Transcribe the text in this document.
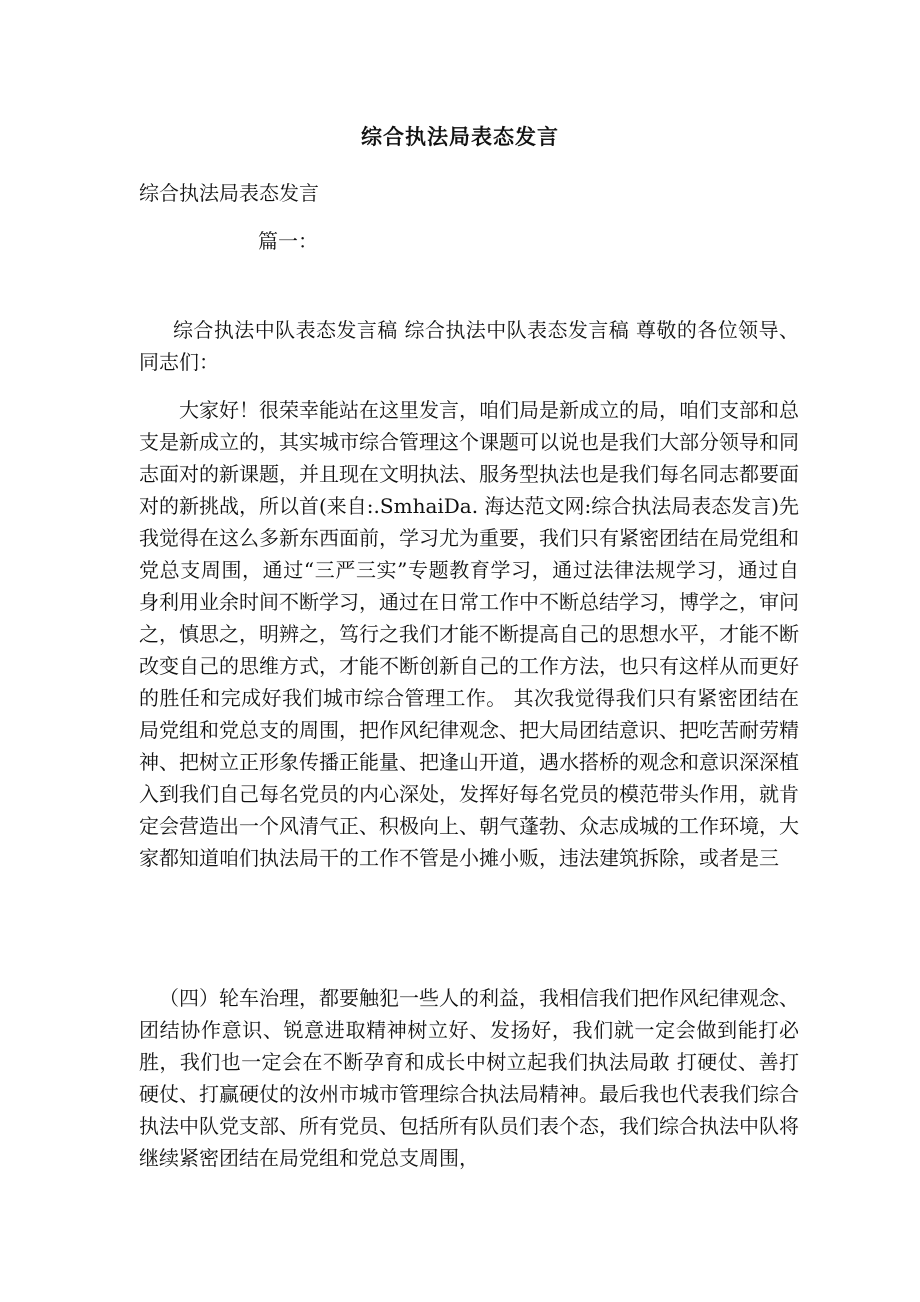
综合执法局表态发言
综合执法局表态发言
篇一：

综合执法中队表态发言稿 综合执法中队表态发言稿 尊敬的各位领导、同志们：

大家好！很荣幸能站在这里发言，咱们局是新成立的局，咱们支部和总支是新成立的，其实城市综合管理这个课题可以说也是我们大部分领导和同志面对的新课题，并且现在文明执法、服务型执法也是我们每名同志都要面对的新挑战，所以首(来自:.SmhaiDa. 海达范文网:综合执法局表态发言)先我觉得在这么多新东西面前，学习尤为重要，我们只有紧密团结在局党组和党总支周围，通过“三严三实”专题教育学习，通过法律法规学习，通过自身利用业余时间不断学习，通过在日常工作中不断总结学习，博学之，审问之，慎思之，明辨之，笃行之我们才能不断提高自己的思想水平，才能不断改变自己的思维方式，才能不断创新自己的工作方法，也只有这样从而更好的胜任和完成好我们城市综合管理工作。 其次我觉得我们只有紧密团结在局党组和党总支的周围，把作风纪律观念、把大局团结意识、把吃苦耐劳精神、把树立正形象传播正能量、把逢山开道，遇水搭桥的观念和意识深深植入到我们自己每名党员的内心深处，发挥好每名党员的模范带头作用，就肯定会营造出一个风清气正、积极向上、朝气蓬勃、众志成城的工作环境，大家都知道咱们执法局干的工作不管是小摊小贩，违法建筑拆除，或者是三

（四）轮车治理，都要触犯一些人的利益，我相信我们把作风纪律观念、团结协作意识、锐意进取精神树立好、发扬好，我们就一定会做到能打必胜，我们也一定会在不断孕育和成长中树立起我们执法局敢 打硬仗、善打硬仗、打赢硬仗的汝州市城市管理综合执法局精神。最后我也代表我们综合执法中队党支部、所有党员、包括所有队员们表个态，我们综合执法中队将继续紧密团结在局党组和党总支周围，
